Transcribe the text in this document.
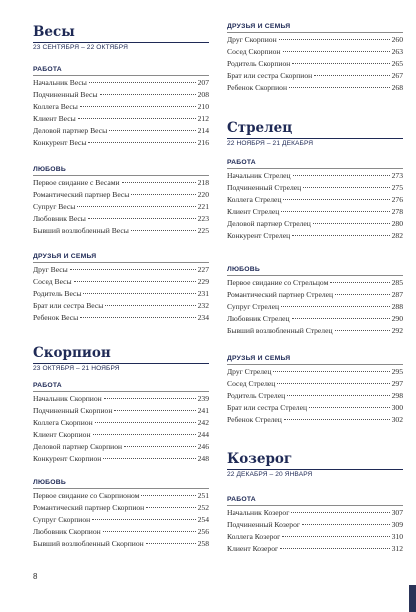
Весы
23 СЕНТЯБРЯ – 22 ОКТЯБРЯ
РАБОТА
Начальник Весы	207
Подчиненный Весы	208
Коллега Весы	210
Клиент Весы	212
Деловой партнер Весы	214
Конкурент Весы	216
ЛЮБОВЬ
Первое свидание с Весами	218
Романтический партнер Весы	220
Супруг Весы	221
Любовник Весы	223
Бывший возлюбленный Весы	225
ДРУЗЬЯ И СЕМЬЯ
Друг Весы	227
Сосед Весы	229
Родитель Весы	231
Брат или сестра Весы	232
Ребенок Весы	234
Скорпион
23 ОКТЯБРЯ – 21 НОЯБРЯ
РАБОТА
Начальник Скорпион	239
Подчиненный Скорпион	241
Коллега Скорпион	242
Клиент Скорпион	244
Деловой партнер Скорпион	246
Конкурент Скорпион	248
ЛЮБОВЬ
Первое свидание со Скорпионом	251
Романтический партнер Скорпион	252
Супруг Скорпион	254
Любовник Скорпион	256
Бывший возлюбленный Скорпион	258
ДРУЗЬЯ И СЕМЬЯ
Друг Скорпион	260
Сосед Скорпион	263
Родитель Скорпион	265
Брат или сестра Скорпион	267
Ребенок Скорпион	268
Стрелец
22 НОЯБРЯ – 21 ДЕКАБРЯ
РАБОТА
Начальник Стрелец	273
Подчиненный Стрелец	275
Коллега Стрелец	276
Клиент Стрелец	278
Деловой партнер Стрелец	280
Конкурент Стрелец	282
ЛЮБОВЬ
Первое свидание со Стрельцом	285
Романтический партнер Стрелец	287
Супруг Стрелец	288
Любовник Стрелец	290
Бывший возлюбленный Стрелец	292
ДРУЗЬЯ И СЕМЬЯ
Друг Стрелец	295
Сосед Стрелец	297
Родитель Стрелец	298
Брат или сестра Стрелец	300
Ребенок Стрелец	302
Козерог
22 ДЕКАБРЯ – 20 ЯНВАРЯ
РАБОТА
Начальник Козерог	307
Подчиненный Козерог	309
Коллега Козерог	310
Клиент Козерог	312
8
